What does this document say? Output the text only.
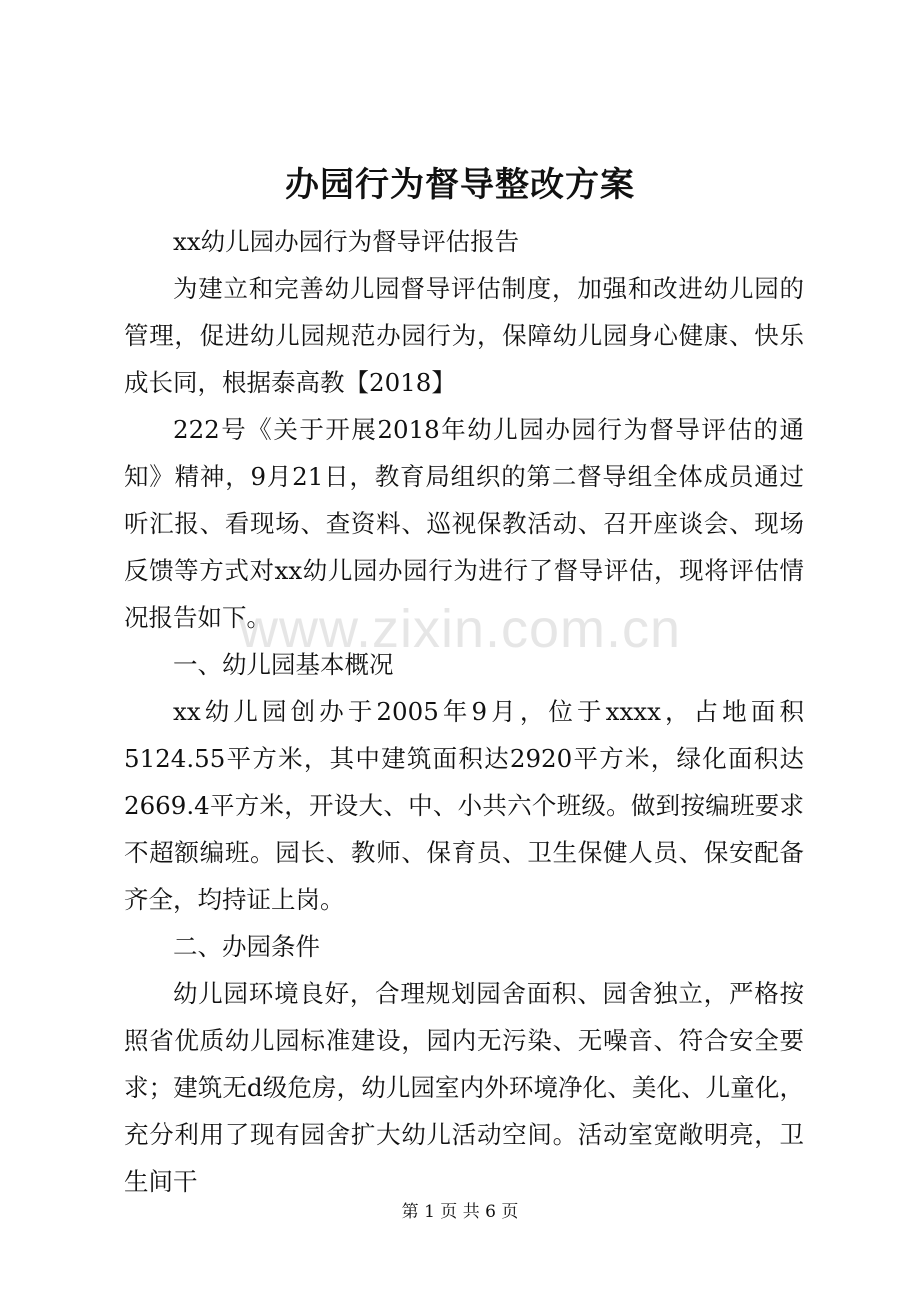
办园行为督导整改方案

xx幼儿园办园行为督导评估报告

为建立和完善幼儿园督导评估制度，加强和改进幼儿园的管理，促进幼儿园规范办园行为，保障幼儿园身心健康、快乐成长同，根据泰高教【2018】

222号《关于开展2018年幼儿园办园行为督导评估的通知》精神，9月21日，教育局组织的第二督导组全体成员通过听汇报、看现场、查资料、巡视保教活动、召开座谈会、现场反馈等方式对xx幼儿园办园行为进行了督导评估，现将评估情况报告如下。

一、幼儿园基本概况

xx幼儿园创办于2005年9月，位于xxxx，占地面积5124.55平方米，其中建筑面积达2920平方米，绿化面积达2669.4平方米，开设大、中、小共六个班级。做到按编班要求不超额编班。园长、教师、保育员、卫生保健人员、保安配备齐全，均持证上岗。

二、办园条件

幼儿园环境良好，合理规划园舍面积、园舍独立，严格按照省优质幼儿园标准建设，园内无污染、无噪音、符合安全要求；建筑无d级危房，幼儿园室内外环境净化、美化、儿童化，充分利用了现有园舍扩大幼儿活动空间。活动室宽敞明亮，卫生间干

www.zixin.com.cn
第 1 页 共 6 页
